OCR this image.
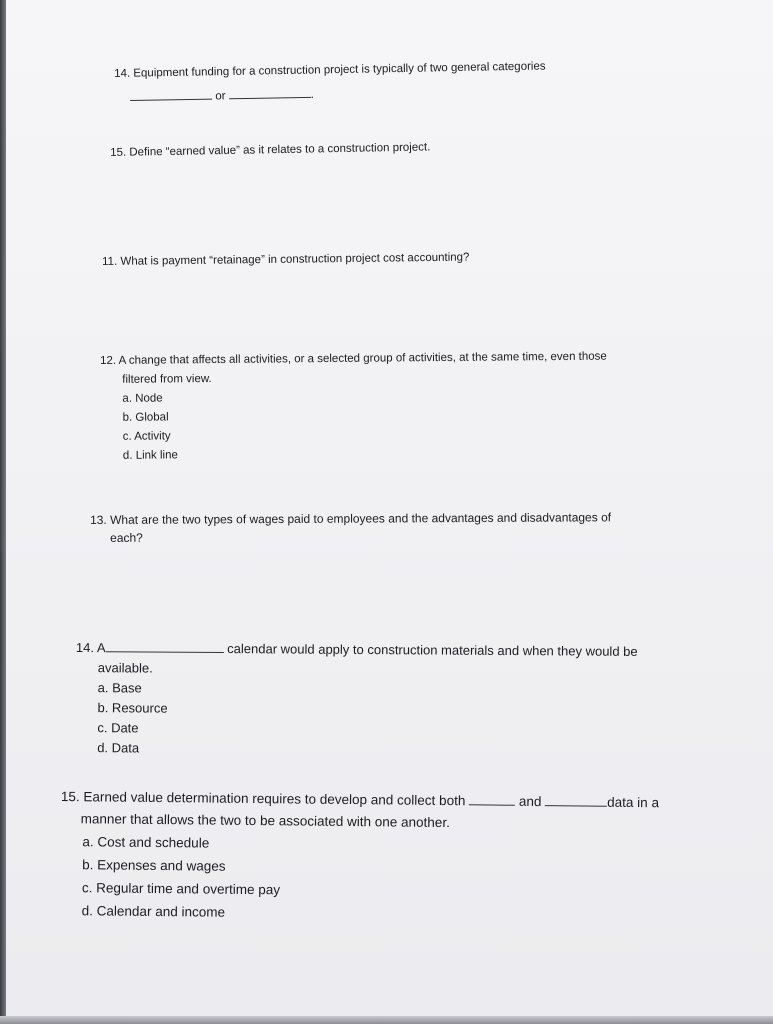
14. Equipment funding for a construction project is typically of two general categories
or	.
15. Define “earned value” as it relates to a construction project.
11. What is payment “retainage” in construction project cost accounting?
12. A change that affects all activities, or a selected group of activities, at the same time, even those
filtered from view.
a. Node
b. Global
c. Activity
d. Link line
13. What are the two types of wages paid to employees and the advantages and disadvantages of
each?
14. A	calendar would apply to construction materials and when they would be
available.
a. Base
b. Resource
c. Date
d. Data
15. Earned value determination requires to develop and collect both	and	data in a
manner that allows the two to be associated with one another.
a. Cost and schedule
b. Expenses and wages
c. Regular time and overtime pay
d. Calendar and income
